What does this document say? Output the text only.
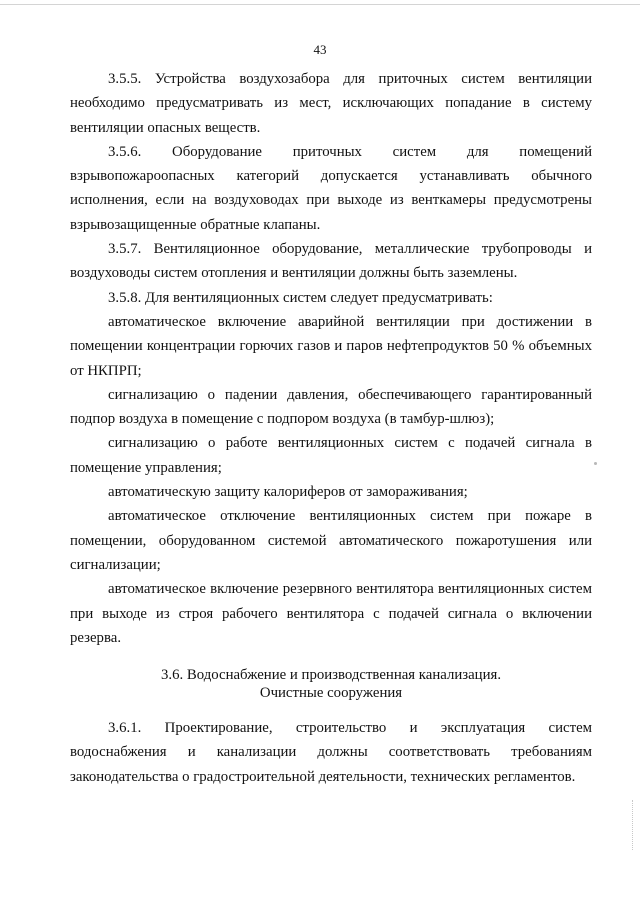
43

3.5.5. Устройства воздухозабора для приточных систем вентиляции необходимо предусматривать из мест, исключающих попадание в систему вентиляции опасных веществ.

3.5.6. Оборудование приточных систем для помещений взрывопожароопасных категорий допускается устанавливать обычного исполнения, если на воздуховодах при выходе из венткамеры предусмотрены взрывозащищенные обратные клапаны.

3.5.7. Вентиляционное оборудование, металлические трубопроводы и воздуховоды систем отопления и вентиляции должны быть заземлены.

3.5.8. Для вентиляционных систем следует предусматривать:

автоматическое включение аварийной вентиляции при достижении в помещении концентрации горючих газов и паров нефтепродуктов 50 % объемных от НКПРП;

сигнализацию о падении давления, обеспечивающего гарантированный подпор воздуха в помещение с подпором воздуха (в тамбур-шлюз);

сигнализацию о работе вентиляционных систем с подачей сигнала в помещение управления;

автоматическую защиту калориферов от замораживания;

автоматическое отключение вентиляционных систем при пожаре в помещении, оборудованном системой автоматического пожаротушения или сигнализации;

автоматическое включение резервного вентилятора вентиляционных систем при выходе из строя рабочего вентилятора с подачей сигнала о включении резерва.

3.6. Водоснабжение и производственная канализация.
Очистные сооружения

3.6.1. Проектирование, строительство и эксплуатация систем водоснабжения и канализации должны соответствовать требованиям законодательства о градостроительной деятельности, технических регламентов.
